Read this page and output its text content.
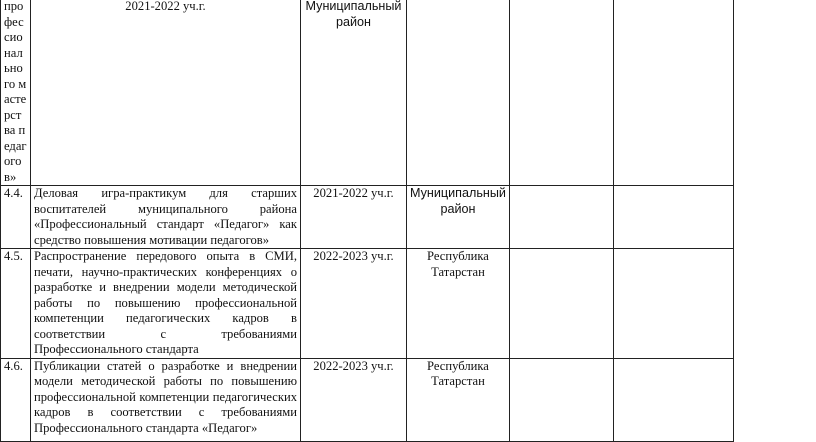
профессионального мастерства педагогов»	2021-2022 уч.г.	Муниципальный район			
4.4.	Деловая игра-практикум для старших воспитателей муниципального района «Профессиональный стандарт «Педагог» как средство повышения мотивации педагогов»	2021-2022 уч.г.	Муниципальный район		
4.5.	Распространение передового опыта в СМИ, печати, научно-практических конференциях о разработке и внедрении модели методической работы по повышению профессиональной компетенции педагогических кадров в соответствии с требованиями Профессионального стандарта	2022-2023 уч.г.	Республика Татарстан		
4.6.	Публикации статей о разработке и внедрении модели методической работы по повышению профессиональной компетенции педагогических кадров в соответствии с требованиями Профессионального стандарта «Педагог»	2022-2023 уч.г.	Республика Татарстан		
